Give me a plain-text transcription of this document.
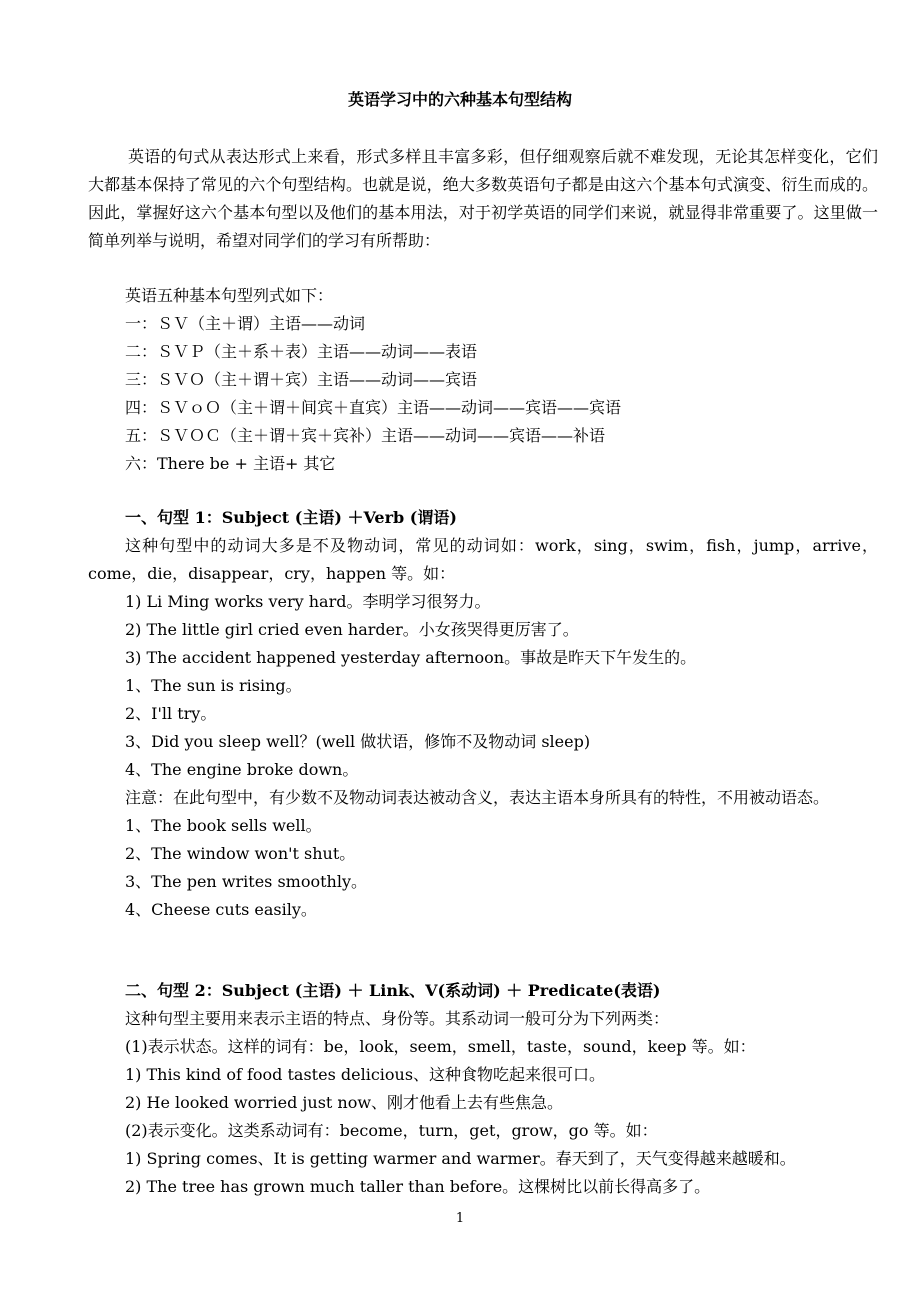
英语学习中的六种基本句型结构

英语的句式从表达形式上来看，形式多样且丰富多彩，但仔细观察后就不难发现，无论其怎样变化，它们大都基本保持了常见的六个句型结构。也就是说，绝大多数英语句子都是由这六个基本句式演变、衍生而成的。因此，掌握好这六个基本句型以及他们的基本用法，对于初学英语的同学们来说，就显得非常重要了。这里做一简单列举与说明，希望对同学们的学习有所帮助：

英语五种基本句型列式如下：
一：ＳＶ（主＋谓）主语——动词
二：ＳＶＰ（主＋系＋表）主语——动词——表语
三：ＳＶＯ（主＋谓＋宾）主语——动词——宾语
四：ＳＶｏＯ（主＋谓＋间宾＋直宾）主语——动词——宾语——宾语
五：ＳＶＯＣ（主＋谓＋宾＋宾补）主语——动词——宾语——补语
六：There be + 主语+ 其它
一、句型 1：Subject (主语) ＋Verb (谓语)
这种句型中的动词大多是不及物动词，常见的动词如：work，sing，swim，fish，jump，arrive，come，die，disappear，cry，happen 等。如：
1) Li Ming works very hard。李明学习很努力。
2) The little girl cried even harder。小女孩哭得更厉害了。
3) The accident happened yesterday afternoon。事故是昨天下午发生的。
1、The sun is rising。
2、I'll try。
3、Did you sleep well？(well 做状语，修饰不及物动词 sleep)
4、The engine broke down。
注意：在此句型中，有少数不及物动词表达被动含义，表达主语本身所具有的特性，不用被动语态。
1、The book sells well。
2、The window won't shut。
3、The pen writes smoothly。
4、Cheese cuts easily。
二、句型 2：Subject (主语) ＋ Link、V(系动词) ＋ Predicate(表语)
这种句型主要用来表示主语的特点、身份等。其系动词一般可分为下列两类：
(1)表示状态。这样的词有：be，look，seem，smell，taste，sound，keep 等。如：
1) This kind of food tastes delicious、这种食物吃起来很可口。
2) He looked worried just now、刚才他看上去有些焦急。
(2)表示变化。这类系动词有：become，turn，get，grow，go 等。如：
1) Spring comes、It is getting warmer and warmer。春天到了，天气变得越来越暖和。
2) The tree has grown much taller than before。这棵树比以前长得高多了。
1
